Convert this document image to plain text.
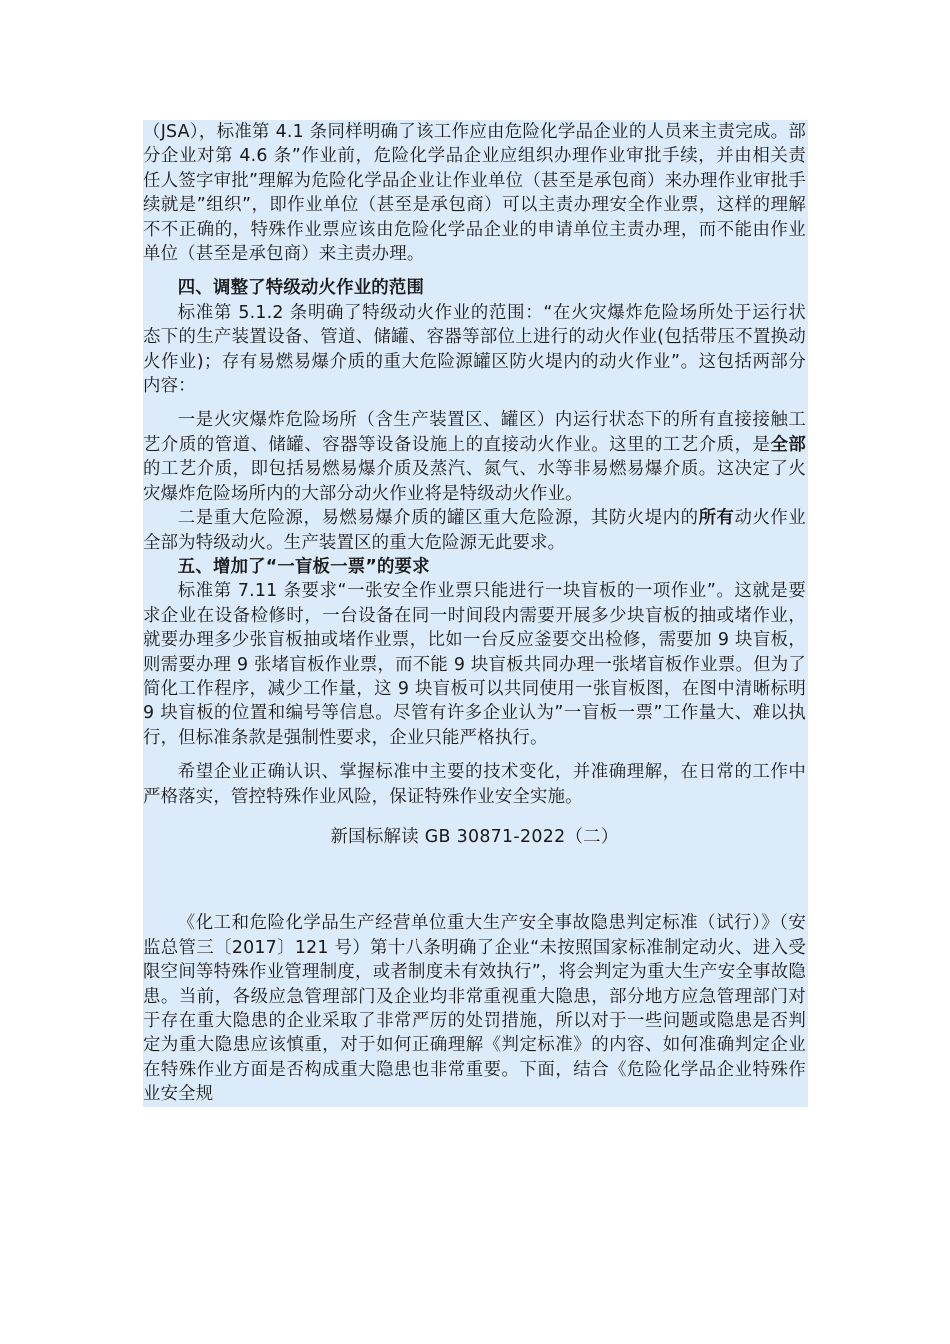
（JSA），标准第 4.1 条同样明确了该工作应由危险化学品企业的人员来主责完成。部分企业对第 4.6 条”作业前，危险化学品企业应组织办理作业审批手续，并由相关责任人签字审批”理解为危险化学品企业让作业单位（甚至是承包商）来办理作业审批手续就是”组织”，即作业单位（甚至是承包商）可以主责办理安全作业票，这样的理解不不正确的，特殊作业票应该由危险化学品企业的申请单位主责办理，而不能由作业单位（甚至是承包商）来主责办理。

四、调整了特级动火作业的范围

标准第 5.1.2 条明确了特级动火作业的范围：“在火灾爆炸危险场所处于运行状态下的生产装置设备、管道、储罐、容器等部位上进行的动火作业(包括带压不置换动火作业)；存有易燃易爆介质的重大危险源罐区防火堤内的动火作业”。这包括两部分内容：

一是火灾爆炸危险场所（含生产装置区、罐区）内运行状态下的所有直接接触工艺介质的管道、储罐、容器等设备设施上的直接动火作业。这里的工艺介质，是全部的工艺介质，即包括易燃易爆介质及蒸汽、氮气、水等非易燃易爆介质。这决定了火灾爆炸危险场所内的大部分动火作业将是特级动火作业。

二是重大危险源，易燃易爆介质的罐区重大危险源，其防火堤内的所有动火作业全部为特级动火。生产装置区的重大危险源无此要求。

五、增加了“一盲板一票”的要求

标准第 7.11 条要求“一张安全作业票只能进行一块盲板的一项作业”。这就是要求企业在设备检修时，一台设备在同一时间段内需要开展多少块盲板的抽或堵作业，就要办理多少张盲板抽或堵作业票，比如一台反应釜要交出检修，需要加 9 块盲板，则需要办理 9 张堵盲板作业票，而不能 9 块盲板共同办理一张堵盲板作业票。但为了简化工作程序，减少工作量，这 9 块盲板可以共同使用一张盲板图，在图中清晰标明 9 块盲板的位置和编号等信息。尽管有许多企业认为”一盲板一票”工作量大、难以执行，但标准条款是强制性要求，企业只能严格执行。

希望企业正确认识、掌握标准中主要的技术变化，并准确理解，在日常的工作中严格落实，管控特殊作业风险，保证特殊作业安全实施。

新国标解读 GB 30871-2022（二）

《化工和危险化学品生产经营单位重大生产安全事故隐患判定标准（试行）》（安监总管三〔2017〕121 号）第十八条明确了企业“未按照国家标准制定动火、进入受限空间等特殊作业管理制度，或者制度未有效执行”，将会判定为重大生产安全事故隐患。当前，各级应急管理部门及企业均非常重视重大隐患，部分地方应急管理部门对于存在重大隐患的企业采取了非常严厉的处罚措施，所以对于一些问题或隐患是否判定为重大隐患应该慎重，对于如何正确理解《判定标准》的内容、如何准确判定企业在特殊作业方面是否构成重大隐患也非常重要。下面，结合《危险化学品企业特殊作业安全规
